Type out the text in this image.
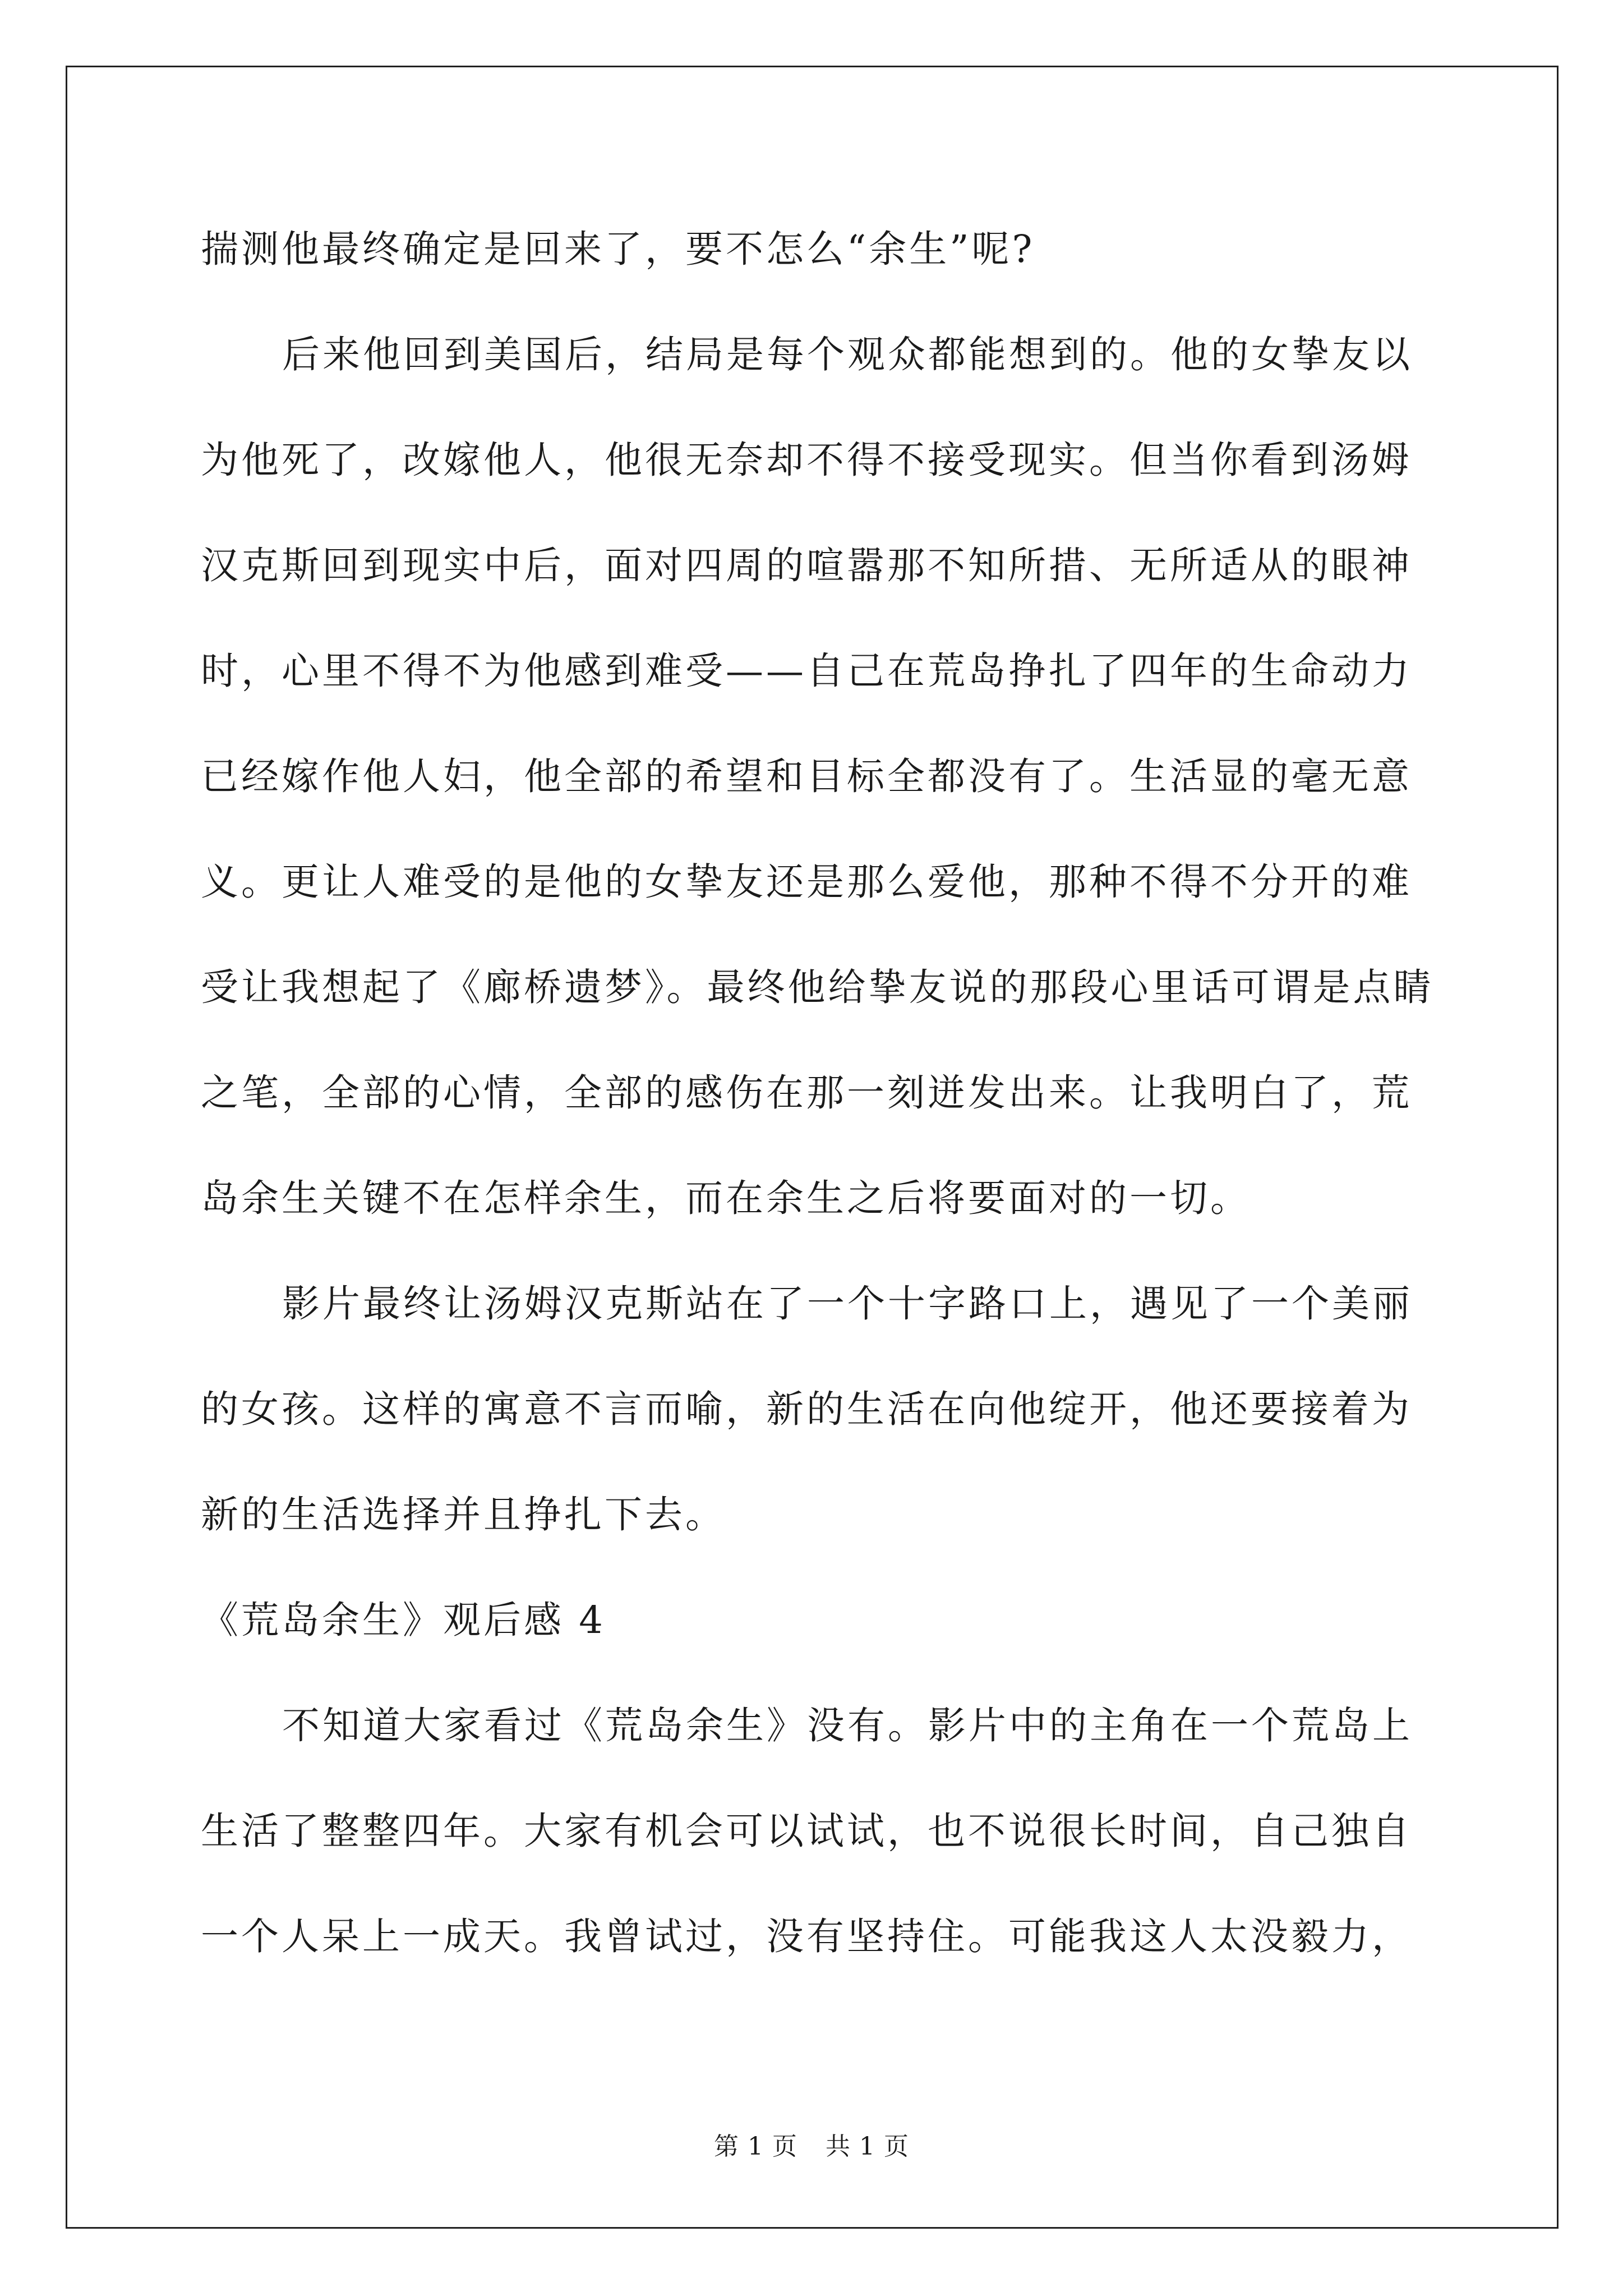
揣测他最终确定是回来了，要不怎么“余生”呢?

后来他回到美国后，结局是每个观众都能想到的。他的女挚友以

为他死了，改嫁他人，他很无奈却不得不接受现实。但当你看到汤姆

汉克斯回到现实中后，面对四周的喧嚣那不知所措、无所适从的眼神

时，心里不得不为他感到难受——自己在荒岛挣扎了四年的生命动力

已经嫁作他人妇，他全部的希望和目标全都没有了。生活显的毫无意

义。更让人难受的是他的女挚友还是那么爱他，那种不得不分开的难

受让我想起了《廊桥遗梦》。最终他给挚友说的那段心里话可谓是点睛

之笔，全部的心情，全部的感伤在那一刻迸发出来。让我明白了，荒

岛余生关键不在怎样余生，而在余生之后将要面对的一切。

影片最终让汤姆汉克斯站在了一个十字路口上，遇见了一个美丽

的女孩。这样的寓意不言而喻，新的生活在向他绽开，他还要接着为

新的生活选择并且挣扎下去。

《荒岛余生》观后感 4

不知道大家看过《荒岛余生》没有。影片中的主角在一个荒岛上

生活了整整四年。大家有机会可以试试，也不说很长时间，自己独自

一个人呆上一成天。我曾试过，没有坚持住。可能我这人太没毅力，

第 1 页 共 1 页
